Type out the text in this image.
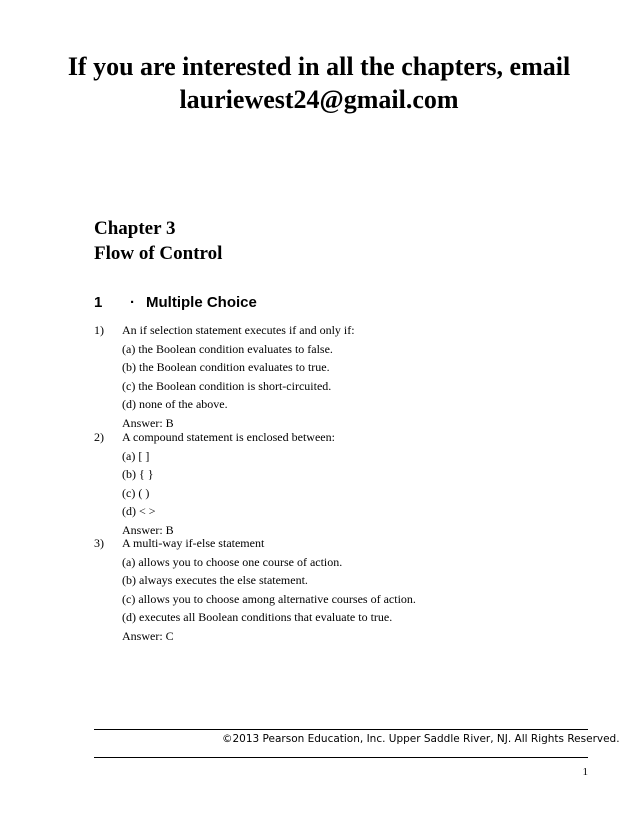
If you are interested in all the chapters, email
lauriewest24@gmail.com
Chapter 3
Flow of Control
1 · Multiple Choice
1) An if selection statement executes if and only if:
(a) the Boolean condition evaluates to false.
(b) the Boolean condition evaluates to true.
(c) the Boolean condition is short-circuited.
(d) none of the above.
Answer: B
2) A compound statement is enclosed between:
(a) [ ]
(b) { }
(c) ( )
(d) < >
Answer: B
3) A multi-way if-else statement
(a) allows you to choose one course of action.
(b) always executes the else statement.
(c) allows you to choose among alternative courses of action.
(d) executes all Boolean conditions that evaluate to true.
Answer: C
©2013 Pearson Education, Inc. Upper Saddle River, NJ. All Rights Reserved.
1
